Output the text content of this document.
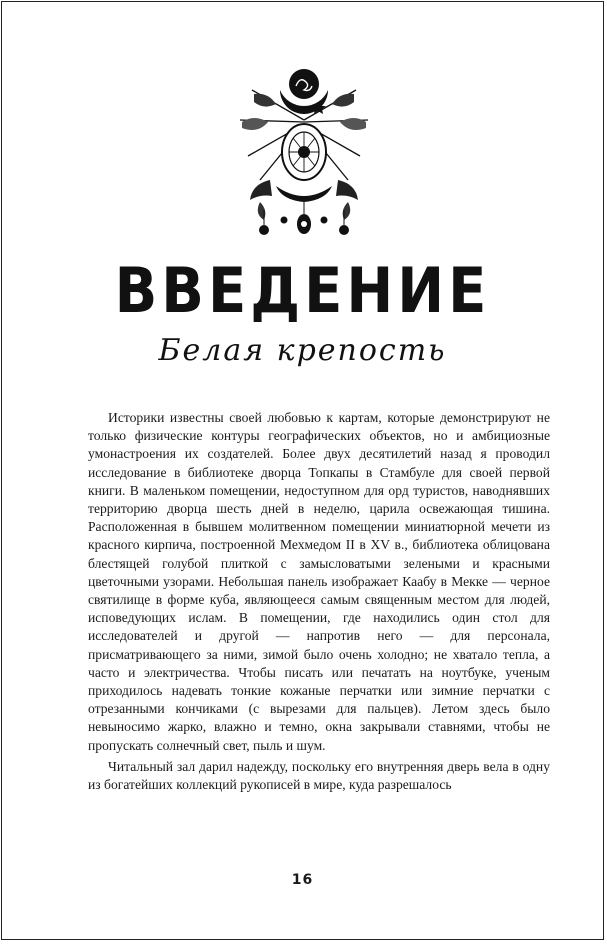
ВВЕДЕНИЕ
Белая крепость

Историки известны своей любовью к картам, которые демонстрируют не только физические контуры географических объектов, но и амбициозные умонастроения их создателей. Более двух десятилетий назад я проводил исследование в библиотеке дворца Топкапы в Стамбуле для своей первой книги. В маленьком помещении, недоступном для орд туристов, наводнявших территорию дворца шесть дней в неделю, царила освежающая тишина. Расположенная в бывшем молитвенном помещении миниатюрной мечети из красного кирпича, построенной Мехмедом II в XV в., библиотека облицована блестящей голубой плиткой с замысловатыми зелеными и красными цветочными узорами. Небольшая панель изображает Каабу в Мекке — черное святилище в форме куба, являющееся самым священным местом для людей, исповедующих ислам. В помещении, где находились один стол для исследователей и другой — напротив него — для персонала, присматривающего за ними, зимой было очень холодно; не хватало тепла, а часто и электричества. Чтобы писать или печатать на ноутбуке, ученым приходилось надевать тонкие кожаные перчатки или зимние перчатки с отрезанными кончиками (с вырезами для пальцев). Летом здесь было невыносимо жарко, влажно и темно, окна закрывали ставнями, чтобы не пропускать солнечный свет, пыль и шум.

Читальный зал дарил надежду, поскольку его внутренняя дверь вела в одну из богатейших коллекций рукописей в мире, куда разрешалось

16
